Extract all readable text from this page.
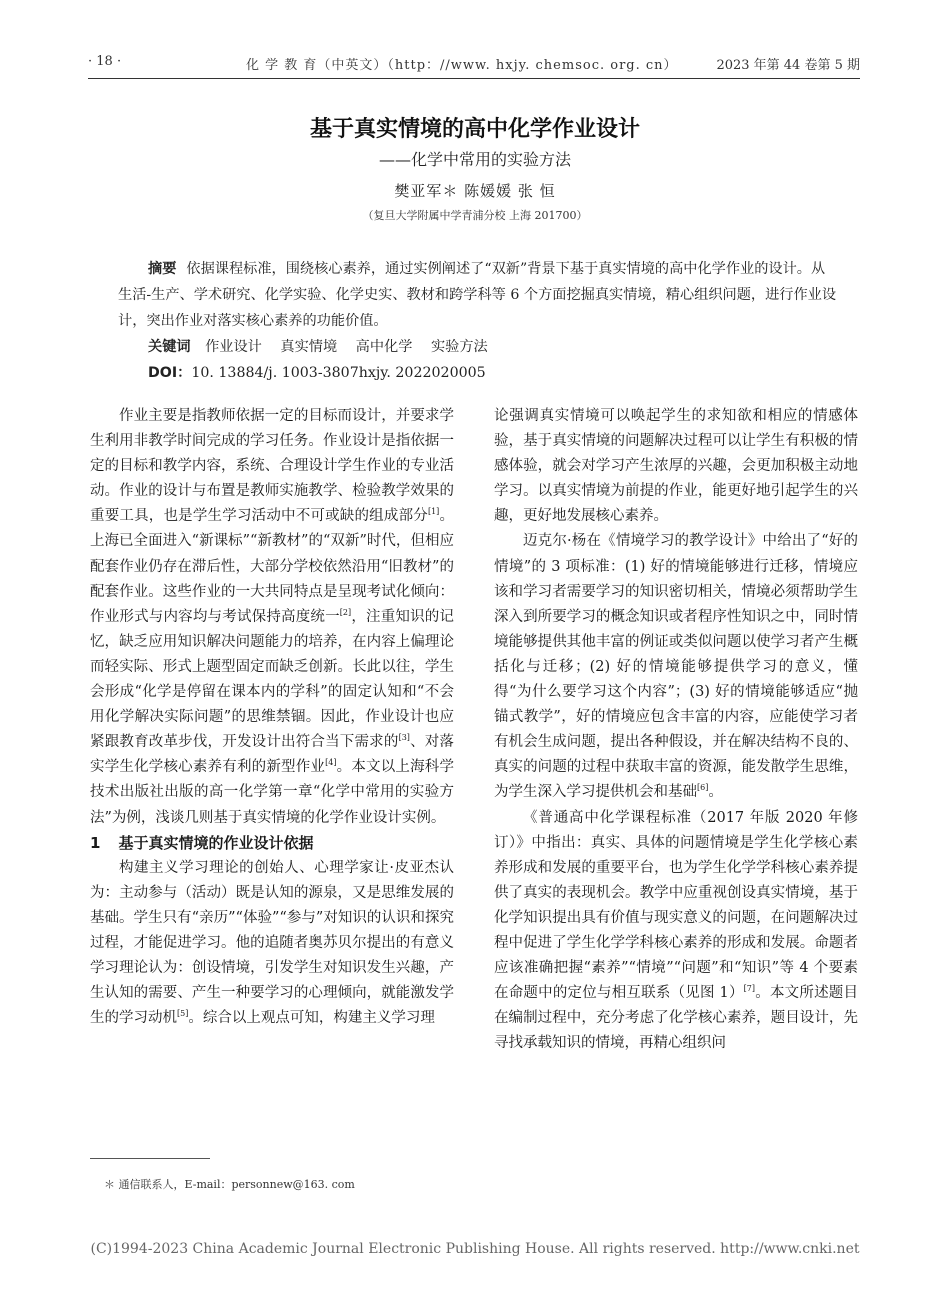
· 18 ·	化 学 教 育（中英文）（http：//www. hxjy. chemsoc. org. cn）	2023 年第 44 卷第 5 期
基于真实情境的高中化学作业设计
——化学中常用的实验方法
樊亚军＊ 陈媛媛 张 恒
（复旦大学附属中学青浦分校 上海 201700）

摘要 依据课程标准，围绕核心素养，通过实例阐述了“双新”背景下基于真实情境的高中化学作业的设计。从生活-生产、学术研究、化学实验、化学史实、教材和跨学科等 6 个方面挖掘真实情境，精心组织问题，进行作业设计，突出作业对落实核心素养的功能价值。

关键词 作业设计 真实情境 高中化学 实验方法
DOI：10. 13884/j. 1003-3807hxjy. 2022020005

作业主要是指教师依据一定的目标而设计，并要求学生利用非教学时间完成的学习任务。作业设计是指依据一定的目标和教学内容，系统、合理设计学生作业的专业活动。作业的设计与布置是教师实施教学、检验教学效果的重要工具，也是学生学习活动中不可或缺的组成部分[1]。上海已全面进入“新课标”“新教材”的“双新”时代，但相应配套作业仍存在滞后性，大部分学校依然沿用“旧教材”的配套作业。这些作业的一大共同特点是呈现考试化倾向：作业形式与内容均与考试保持高度统一[2]，注重知识的记忆，缺乏应用知识解决问题能力的培养，在内容上偏理论而轻实际、形式上题型固定而缺乏创新。长此以往，学生会形成“化学是停留在课本内的学科”的固定认知和“不会用化学解决实际问题”的思维禁锢。因此，作业设计也应紧跟教育改革步伐，开发设计出符合当下需求的[3]、对落实学生化学核心素养有利的新型作业[4]。本文以上海科学技术出版社出版的高一化学第一章“化学中常用的实验方法”为例，浅谈几则基于真实情境的化学作业设计实例。

1 基于真实情境的作业设计依据

构建主义学习理论的创始人、心理学家让·皮亚杰认为：主动参与（活动）既是认知的源泉，又是思维发展的基础。学生只有“亲历”“体验”“参与”对知识的认识和探究过程，才能促进学习。他的追随者奥苏贝尔提出的有意义学习理论认为：创设情境，引发学生对知识发生兴趣，产生认知的需要、产生一种要学习的心理倾向，就能激发学生的学习动机[5]。综合以上观点可知，构建主义学习理

论强调真实情境可以唤起学生的求知欲和相应的情感体验，基于真实情境的问题解决过程可以让学生有积极的情感体验，就会对学习产生浓厚的兴趣，会更加积极主动地学习。以真实情境为前提的作业，能更好地引起学生的兴趣，更好地发展核心素养。

迈克尔·杨在《情境学习的教学设计》中给出了“好的情境”的 3 项标准：(1) 好的情境能够进行迁移，情境应该和学习者需要学习的知识密切相关，情境必须帮助学生深入到所要学习的概念知识或者程序性知识之中，同时情境能够提供其他丰富的例证或类似问题以使学习者产生概括化与迁移；(2) 好的情境能够提供学习的意义，懂得“为什么要学习这个内容”；(3) 好的情境能够适应“抛锚式教学”，好的情境应包含丰富的内容，应能使学习者有机会生成问题，提出各种假设，并在解决结构不良的、真实的问题的过程中获取丰富的资源，能发散学生思维，为学生深入学习提供机会和基础[6]。

《普通高中化学课程标准（2017 年版 2020 年修订）》中指出：真实、具体的问题情境是学生化学核心素养形成和发展的重要平台，也为学生化学学科核心素养提供了真实的表现机会。教学中应重视创设真实情境，基于化学知识提出具有价值与现实意义的问题，在问题解决过程中促进了学生化学学科核心素养的形成和发展。命题者应该准确把握“素养”“情境”“问题”和“知识”等 4 个要素在命题中的定位与相互联系（见图 1）[7]。本文所述题目在编制过程中，充分考虑了化学核心素养，题目设计，先寻找承载知识的情境，再精心组织问

＊ 通信联系人，E-mail：personnew@163. com
(C)1994-2023 China Academic Journal Electronic Publishing House. All rights reserved. http://www.cnki.net
